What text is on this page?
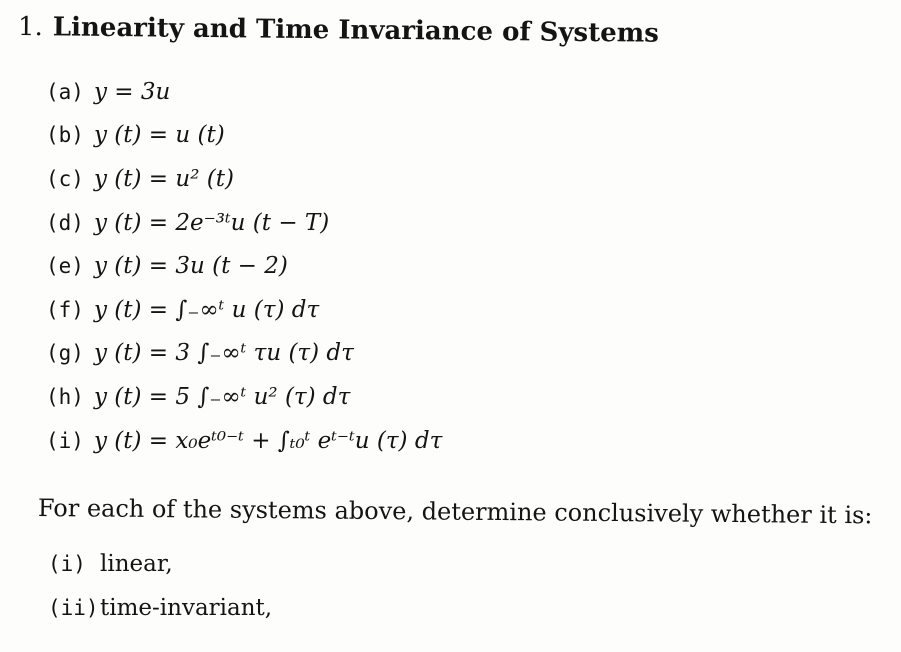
1. Linearity and Time Invariance of Systems
(a) y = 3u
(b) y (t) = u (t)
(c) y (t) = u² (t)
(d) y (t) = 2e⁻³ᵗu (t − T)
(e) y (t) = 3u (t − 2)
(f) y (t) = ∫₋∞ᵗ u (τ) dτ
(g) y (t) = 3 ∫₋∞ᵗ τu (τ) dτ
(h) y (t) = 5 ∫₋∞ᵗ u² (τ) dτ
(i) y (t) = x₀eᵗ⁰⁻ᵗ + ∫ₜ₀ᵗ eᵗ⁻ᵗu (τ) dτ
For each of the systems above, determine conclusively whether it is:
(i) linear,
(ii) time-invariant,
